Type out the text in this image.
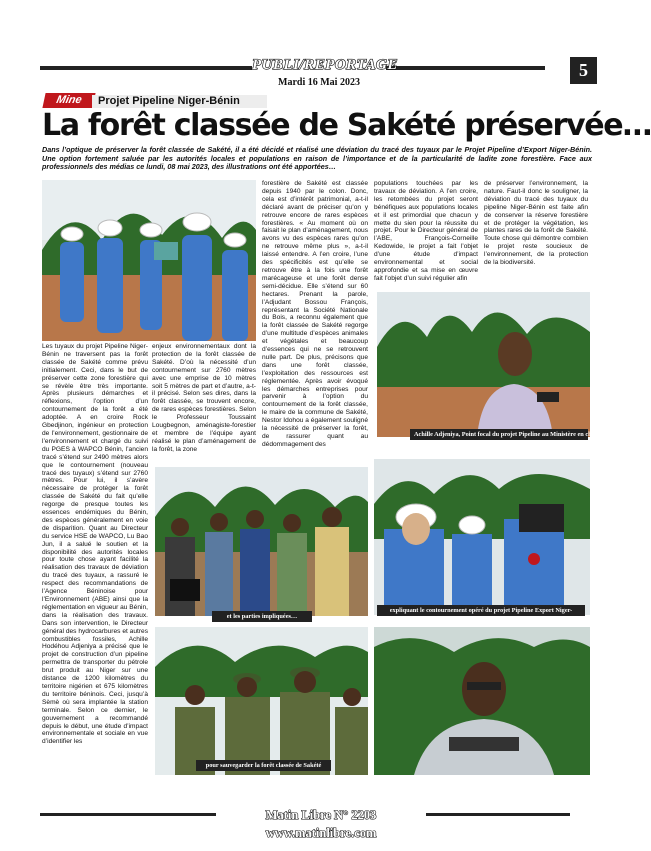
PUBLI/REPORTAGE	5
Mardi 16 Mai 2023
Mine	Projet Pipeline Niger-Bénin
La forêt classée de Sakété préservée…
Dans l’optique de préserver la forêt classée de Sakété, il a été décidé et réalisé une déviation du tracé des tuyaux par le Projet Pipeline d’Export Niger-Bénin. Une option fortement saluée par les autorités locales et populations en raison de l’importance et de la particularité de ladite zone forestière. Face aux professionnels des médias ce lundi, 08 mai 2023, des illustrations ont été apportées…
Les tuyaux du projet Pipeline Niger-Bénin ne traversent pas la forêt classée de Sakété comme prévu initialement. Ceci, dans le but de préserver cette zone forestière qui se révèle être très importante. Après plusieurs démarches et réflexions, l’option d’un contournement de la forêt a été adoptée. A en croire Rock Gbedjinon, ingénieur en protection de l’environnement, gestionnaire de l’environnement et chargé du suivi du PGES à WAPCO Bénin, l’ancien tracé s’étend sur 2490 mètres alors que le contournement (nouveau tracé des tuyaux) s’étend sur 2760 mètres. Pour lui, il s’avère nécessaire de protéger la forêt classée de Sakété du fait qu’elle regorge de presque toutes les essences endémiques du Bénin, des espèces généralement en voie de disparition. Quant au Directeur du service HSE de WAPCO, Lu Bao Jun, il a salué le soutien et la disponibilité des autorités locales pour toute chose ayant facilité la réalisation des travaux de déviation du tracé des tuyaux, a rassuré le respect des recommandations de l’Agence Béninoise pour l’Environnement (ABE) ainsi que la réglementation en vigueur au Bénin, dans la réalisation des travaux. Dans son intervention, le Directeur général des hydrocarbures et autres combustibles fossiles, Achille Hodéhou Adjeniya a précisé que le projet de construction d’un pipeline permettra de transporter du pétrole brut produit au Niger sur une distance de 1200 kilomètres du territoire nigérien et 675 kilomètres du territoire béninois. Ceci, jusqu’à Sèmè où sera implantée la station terminale. Selon ce dernier, le gouvernement a recommandé depuis le début, une étude d’impact environnementale et sociale en vue d’identifier les
enjeux environnementaux dont la protection de la forêt classée de Sakété. D’où la nécessité d’un contournement sur 2760 mètres avec une emprise de 10 mètres soit 5 mètres de part et d’autre, a-t-il précisé. Selon ses dires, dans la forêt classée, se trouvent encore, de rares espèces forestières. Selon le Professeur Toussaint Lougbegnon, aménagiste-forestier et membre de l’équipe ayant réalisé le plan d’aménagement de la forêt, la zone
forestière de Sakété est classée depuis 1940 par le colon. Donc, cela est d’intérêt patrimonial, a-t-il déclaré avant de préciser qu’on y retrouve encore de rares espèces forestières. « Au moment où on faisait le plan d’aménagement, nous avons vu des espèces rares qu’on ne retrouve même plus », a-t-il laissé entendre. A l’en croire, l’une des spécificités est qu’elle se retrouve être à la fois une forêt marécageuse et une forêt dense semi-décidue. Elle s’étend sur 60 hectares. Prenant la parole, l’Adjudant Bossou François, représentant la Société Nationale du Bois, a reconnu également que la forêt classée de Sakété regorge d’une multitude d’espèces animales et végétales et beaucoup d’essences qui ne se retrouvent nulle part. De plus, précisons que dans une forêt classée, l’exploitation des ressources est réglementée. Après avoir évoqué les démarches entreprises pour parvenir à l’option du contournement de la forêt classée, le maire de la commune de Sakété, Nestor Idohou a également souligné la nécessité de préserver la forêt, de rassurer quant au dédommagement des
populations touchées par les travaux de déviation. A l’en croire, les retombées du projet seront bénéfiques aux populations locales et il est primordial que chacun y mette du sien pour la réussite du projet. Pour le Directeur général de l’ABE, François-Corneille Kedowide, le projet a fait l’objet d’une étude d’impact environnemental et social approfondie et sa mise en œuvre fait l’objet d’un suivi régulier afin
de préserver l’environnement, la nature. Faut-il donc le souligner, la déviation du tracé des tuyaux du pipeline Niger-Bénin est faite afin de conserver la réserve forestière et de protéger la végétation, les plantes rares de la forêt de Sakété. Toute chose qui démontre combien le projet reste soucieux de l’environnement, de la protection de la biodiversité.
Achille Adjeniya, Point focal du projet Pipeline au Ministère en charge des Mines…
et les parties impliquées…
expliquant le contournement opéré du projet Pipeline Export Niger-
pour sauvegarder la forêt classée de Sakété
Matin Libre N° 2203 www.matinlibre.com
